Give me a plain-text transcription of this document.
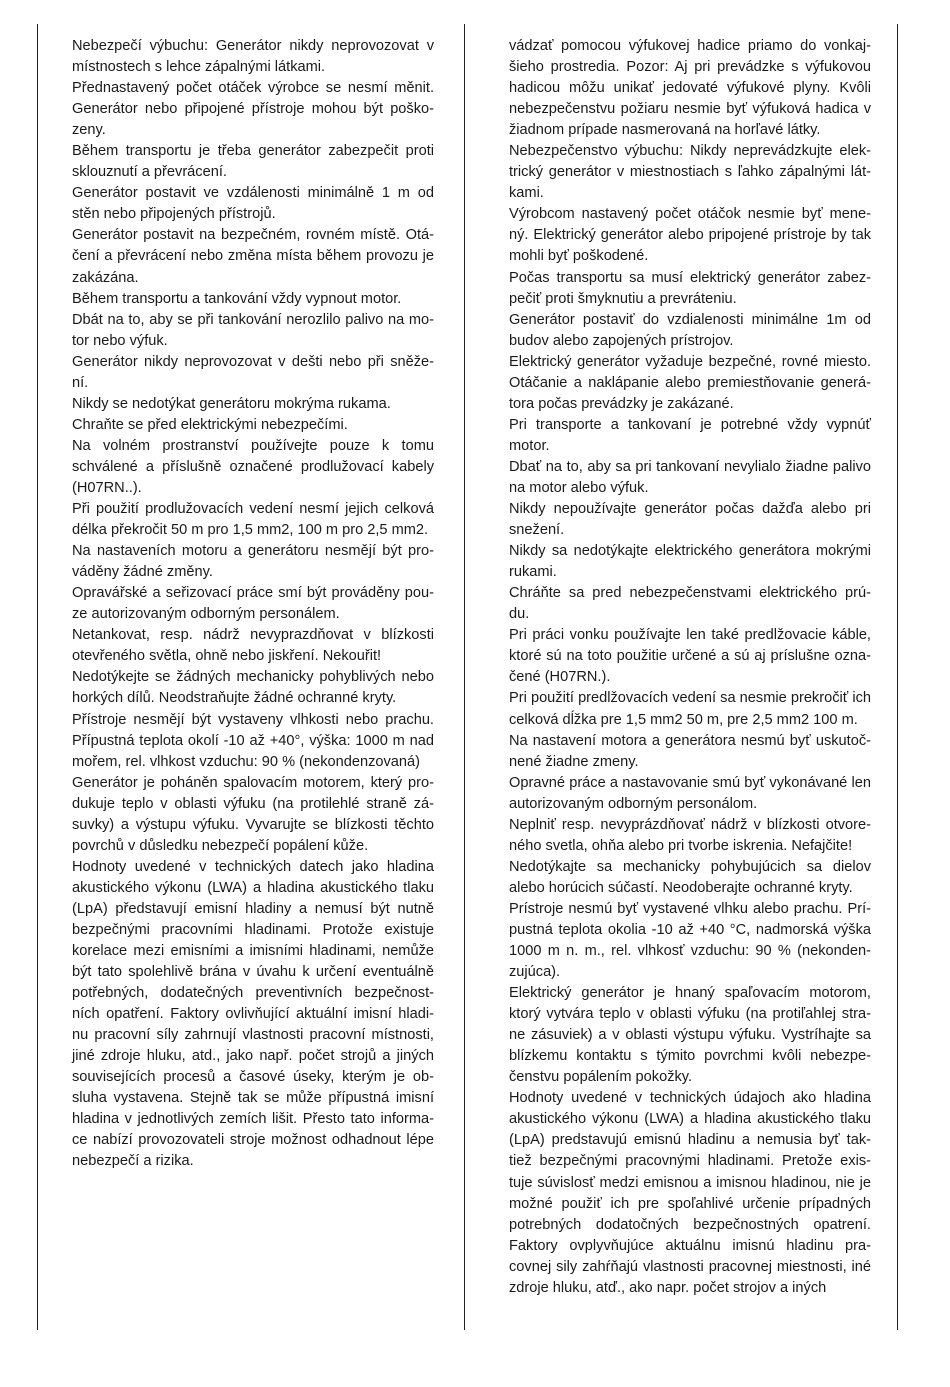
Nebezpečí výbuchu: Generátor nikdy neprovozovat v místnostech s lehce zápalnými látkami.

Přednastavený počet otáček výrobce se nesmí měnit. Generátor nebo připojené přístroje mohou být poško-zeny.

Během transportu je třeba generátor zabezpečit proti sklouznutí a převrácení.

Generátor postavit ve vzdálenosti minimálně 1 m od stěn nebo připojených přístrojů.

Generátor postavit na bezpečném, rovném místě. Otá-čení a převrácení nebo změna místa během provozu je zakázána.

Během transportu a tankování vždy vypnout motor.

Dbát na to, aby se při tankování nerozlilo palivo na mo-tor nebo výfuk.

Generátor nikdy neprovozovat v dešti nebo při sněže-ní.

Nikdy se nedotýkat generátoru mokrýma rukama.

Chraňte se před elektrickými nebezpečími.

Na volném prostranství používejte pouze k tomu schválené a příslušně označené prodlužovací kabely (H07RN..).

Při použití prodlužovacích vedení nesmí jejich celková délka překročit 50 m pro 1,5 mm2, 100 m pro 2,5 mm2.

Na nastaveních motoru a generátoru nesmějí být pro-váděny žádné změny.

Opravářské a seřizovací práce smí být prováděny pou-ze autorizovaným odborným personálem.

Netankovat, resp. nádrž nevyprazdňovat v blízkosti otevřeného světla, ohně nebo jiskření. Nekouřit!

Nedotýkejte se žádných mechanicky pohyblivých nebo horkých dílů. Neodstraňujte žádné ochranné kryty.

Přístroje nesmějí být vystaveny vlhkosti nebo prachu. Přípustná teplota okolí -10 až +40°, výška: 1000 m nad mořem, rel. vlhkost vzduchu: 90 % (nekondenzovaná)

Generátor je poháněn spalovacím motorem, který pro-dukuje teplo v oblasti výfuku (na protilehlé straně zá-suvky) a výstupu výfuku. Vyvarujte se blízkosti těchto povrchů v důsledku nebezpečí popálení kůže.

Hodnoty uvedené v technických datech jako hladina akustického výkonu (LWA) a hladina akustického tlaku (LpA) představují emisní hladiny a nemusí být nutně bezpečnými pracovními hladinami. Protože existuje korelace mezi emisními a imisními hladinami, nemůže být tato spolehlivě brána v úvahu k určení eventuálně potřebných, dodatečných preventivních bezpečnost-ních opatření. Faktory ovlivňující aktuální imisní hladi-nu pracovní síly zahrnují vlastnosti pracovní místnosti, jiné zdroje hluku, atd., jako např. počet strojů a jiných souvisejících procesů a časové úseky, kterým je ob-sluha vystavena. Stejně tak se může přípustná imisní hladina v jednotlivých zemích lišit. Přesto tato informa-ce nabízí provozovateli stroje možnost odhadnout lépe nebezpečí a rizika.

vádzať pomocou výfukovej hadice priamo do vonkaj-šieho prostredia. Pozor: Aj pri prevádzke s výfukovou hadicou môžu unikať jedovaté výfukové plyny. Kvôli nebezpečenstvu požiaru nesmie byť výfuková hadica v žiadnom prípade nasmerovaná na horľavé látky.

Nebezpečenstvo výbuchu: Nikdy neprevádzkujte elek-trický generátor v miestnostiach s ľahko zápalnými lát-kami.

Výrobcom nastavený počet otáčok nesmie byť mene-ný. Elektrický generátor alebo pripojené prístroje by tak mohli byť poškodené.

Počas transportu sa musí elektrický generátor zabez-pečiť proti šmyknutiu a prevráteniu.

Generátor postaviť do vzdialenosti minimálne 1m od budov alebo zapojených prístrojov.

Elektrický generátor vyžaduje bezpečné, rovné miesto. Otáčanie a naklápanie alebo premiestňovanie generá-tora počas prevádzky je zakázané.

Pri transporte a tankovaní je potrebné vždy vypnúť motor.

Dbať na to, aby sa pri tankovaní nevylialo žiadne palivo na motor alebo výfuk.

Nikdy nepoužívajte generátor počas dažďa alebo pri snežení.

Nikdy sa nedotýkajte elektrického generátora mokrými rukami.

Chráňte sa pred nebezpečenstvami elektrického prú-du.

Pri práci vonku používajte len také predlžovacie káble, ktoré sú na toto použitie určené a sú aj príslušne ozna-čené (H07RN.).

Pri použití predlžovacích vedení sa nesmie prekročiť ich celková dĺžka pre 1,5 mm2 50 m, pre 2,5 mm2 100 m.

Na nastavení motora a generátora nesmú byť uskutoč-nené žiadne zmeny.

Opravné práce a nastavovanie smú byť vykonávané len autorizovaným odborným personálom.

Neplniť resp. nevyprázdňovať nádrž v blízkosti otvore-ného svetla, ohňa alebo pri tvorbe iskrenia. Nefajčite!

Nedotýkajte sa mechanicky pohybujúcich sa dielov alebo horúcich súčastí. Neodoberajte ochranné kryty.

Prístroje nesmú byť vystavené vlhku alebo prachu. Prí-pustná teplota okolia -10 až +40 °C, nadmorská výška 1000 m n. m., rel. vlhkosť vzduchu: 90 % (nekonden-zujúca).

Elektrický generátor je hnaný spaľovacím motorom, ktorý vytvára teplo v oblasti výfuku (na protiľahlej stra-ne zásuviek) a v oblasti výstupu výfuku. Vystríhajte sa blízkemu kontaktu s týmito povrchmi kvôli nebezpe-čenstvu popálením pokožky.

Hodnoty uvedené v technických údajoch ako hladina akustického výkonu (LWA) a hladina akustického tlaku (LpA) predstavujú emisnú hladinu a nemusia byť tak-tiež bezpečnými pracovnými hladinami. Pretože exis-tuje súvislosť medzi emisnou a imisnou hladinou, nie je možné použiť ich pre spoľahlivé určenie prípadných potrebných dodatočných bezpečnostných opatrení. Faktory ovplyvňujúce aktuálnu imisnú hladinu pra-covnej sily zahŕňajú vlastnosti pracovnej miestnosti, iné zdroje hluku, atď., ako napr. počet strojov a iných
